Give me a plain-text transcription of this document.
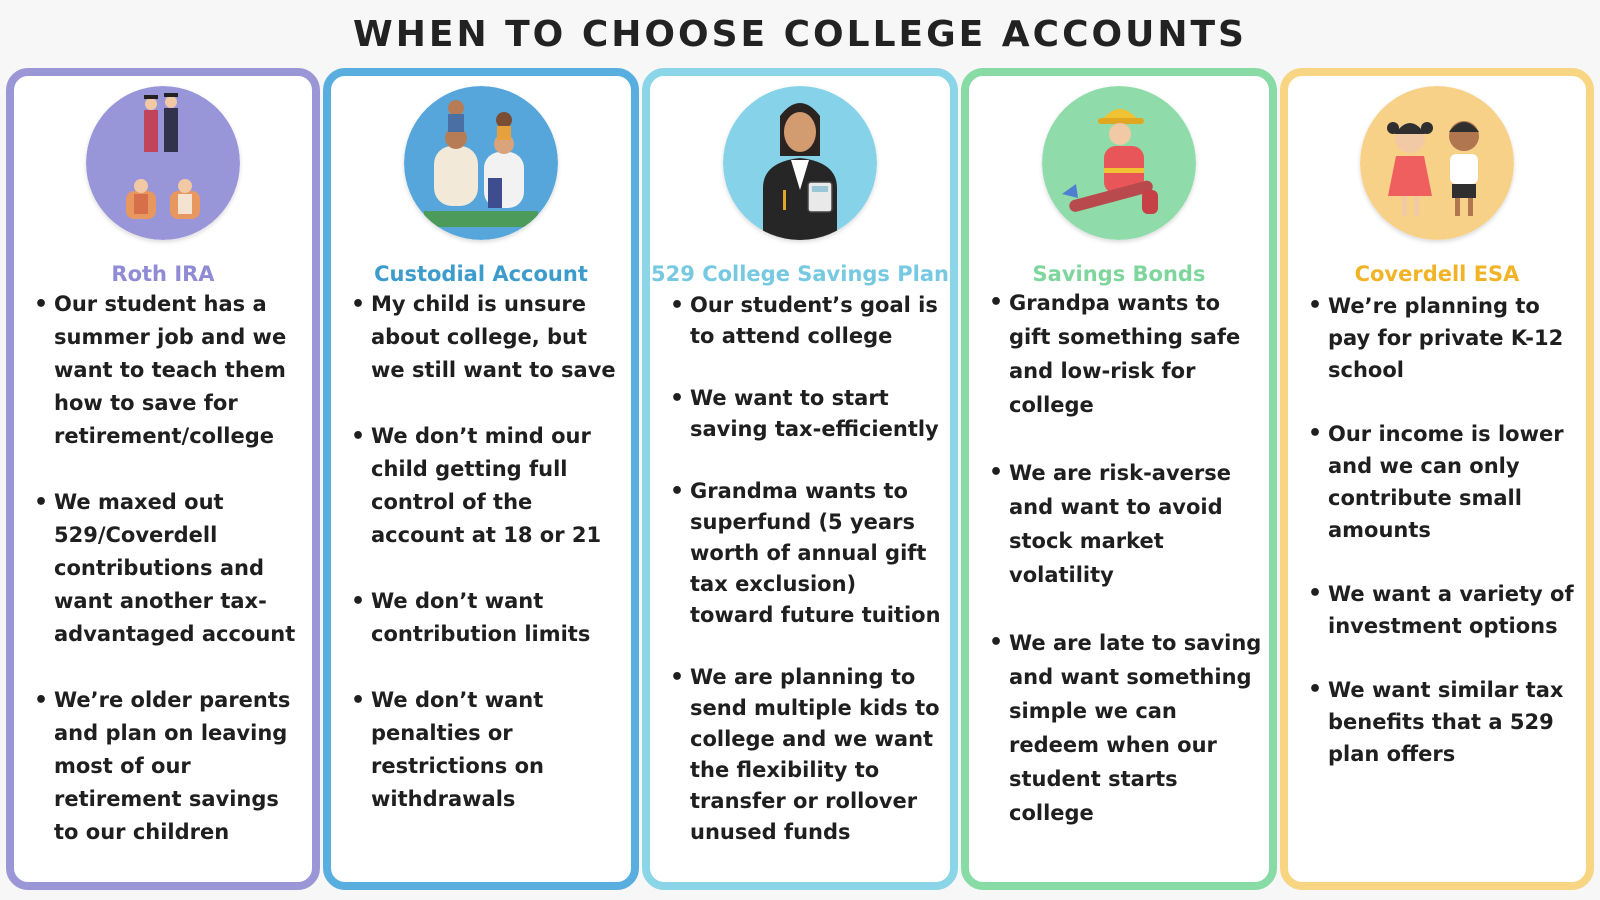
WHEN TO CHOOSE COLLEGE ACCOUNTS
Roth IRA
• Our student has a summer job and we want to teach them how to save for retirement/college
• We maxed out 529/Coverdell contributions and want another tax-advantaged account
• We’re older parents and plan on leaving most of our retirement savings to our children
Custodial Account
• My child is unsure about college, but we still want to save
• We don’t mind our child getting full control of the account at 18 or 21
• We don’t want contribution limits
• We don’t want penalties or restrictions on withdrawals
529 College Savings Plan
• Our student’s goal is to attend college
• We want to start saving tax-efficiently
• Grandma wants to superfund (5 years worth of annual gift tax exclusion) toward future tuition
• We are planning to send multiple kids to college and we want the flexibility to transfer or rollover unused funds
Savings Bonds
• Grandpa wants to gift something safe and low-risk for college
• We are risk-averse and want to avoid stock market volatility
• We are late to saving and want something simple we can redeem when our student starts college
Coverdell ESA
• We’re planning to pay for private K-12 school
• Our income is lower and we can only contribute small amounts
• We want a variety of investment options
• We want similar tax benefits that a 529 plan offers
